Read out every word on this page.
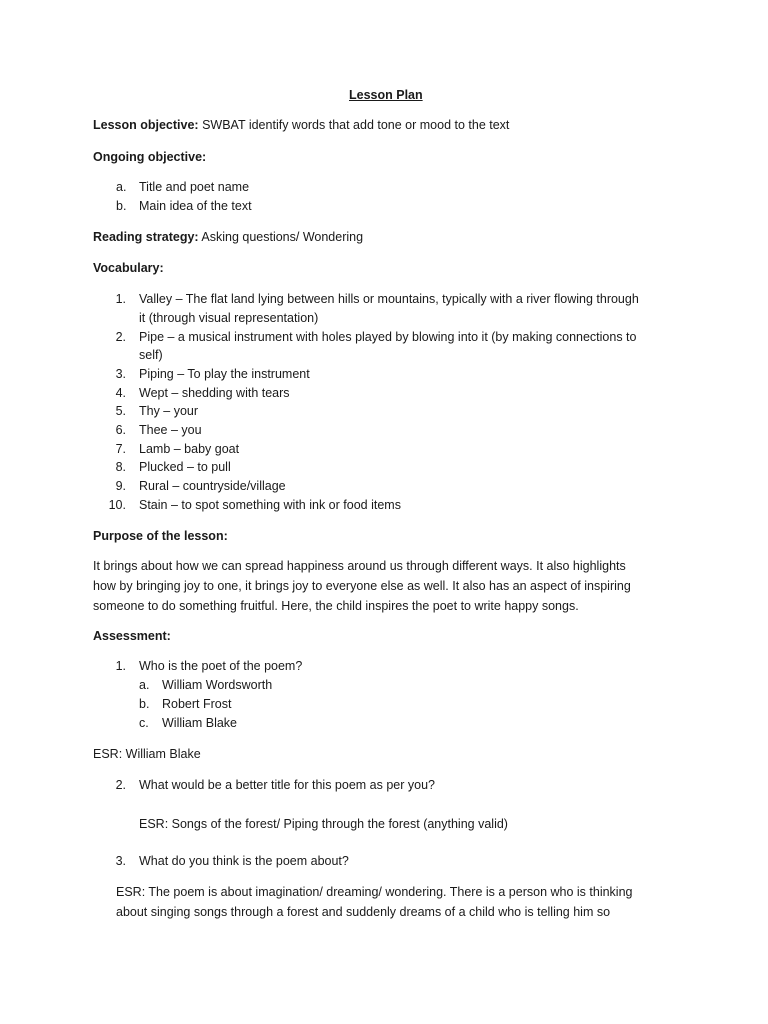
Lesson Plan
Lesson objective: SWBAT identify words that add tone or mood to the text
Ongoing objective:
a. Title and poet name
b. Main idea of the text
Reading strategy: Asking questions/ Wondering
Vocabulary:
1. Valley – The flat land lying between hills or mountains, typically with a river flowing through
it (through visual representation)
2. Pipe – a musical instrument with holes played by blowing into it (by making connections to
self)
3. Piping – To play the instrument
4. Wept – shedding with tears
5. Thy – your
6. Thee – you
7. Lamb – baby goat
8. Plucked – to pull
9. Rural – countryside/village
10. Stain – to spot something with ink or food items
Purpose of the lesson:
It brings about how we can spread happiness around us through different ways. It also highlights
how by bringing joy to one, it brings joy to everyone else as well. It also has an aspect of inspiring
someone to do something fruitful. Here, the child inspires the poet to write happy songs.
Assessment:
1. Who is the poet of the poem?
a. William Wordsworth
b. Robert Frost
c. William Blake
ESR: William Blake
2. What would be a better title for this poem as per you?
ESR: Songs of the forest/ Piping through the forest (anything valid)
3. What do you think is the poem about?
ESR: The poem is about imagination/ dreaming/ wondering. There is a person who is thinking
about singing songs through a forest and suddenly dreams of a child who is telling him so
